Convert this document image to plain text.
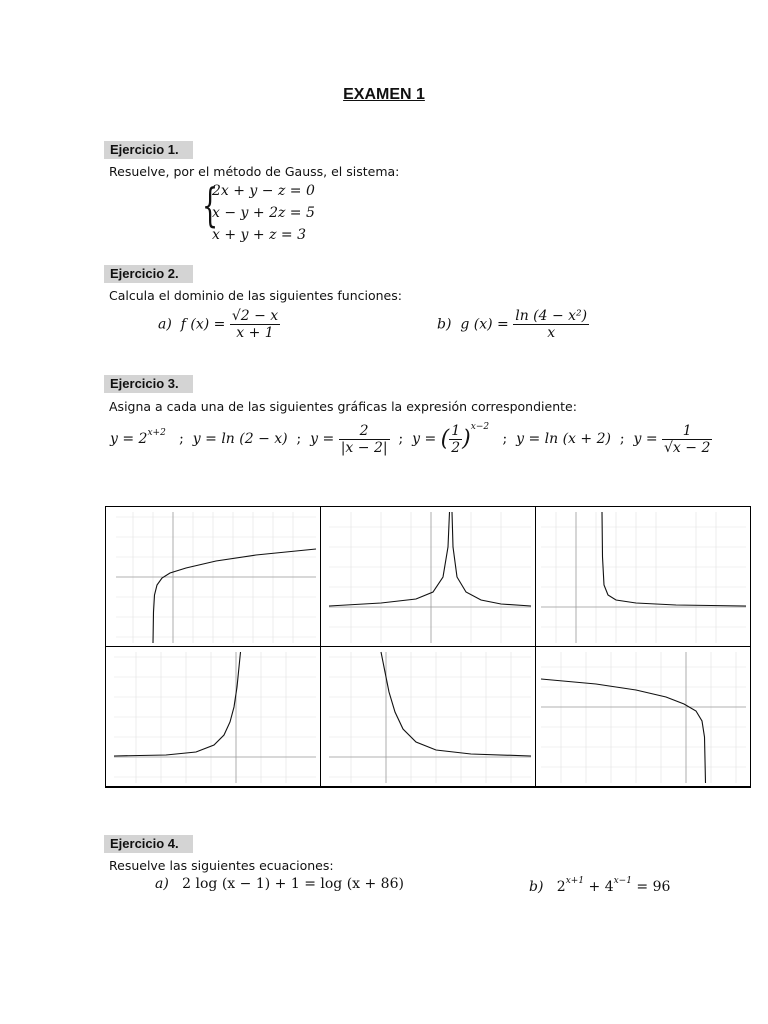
EXAMEN 1
Ejercicio 1.
Resuelve, por el método de Gauss, el sistema:
{
2x + y − z = 0
x − y + 2z = 5
x + y + z = 3
Ejercicio 2.
Calcula el dominio de las siguientes funciones:
a) f $(x) = \frac{√2 - x}{x + 1}$	b) g $(x) = \frac{\text{ln (4 − x²)}}{x}$
Ejercicio 3.
Asigna a cada una de las siguientes gráficas la expresión correspondiente:
$y = 2^{x+2}$ ; y = ln (2 − x) ; $y = \frac{2}{|x - 2|}$ ; y = ( $\frac{1}{2} )^{x-2}$   ; y = ln (x + 2) ; $y = \frac{1}{√x - 2}$
Ejercicio 4.
Resuelve las siguientes ecuaciones:
a) 2 log (x − 1) + 1 = log (x + 86)	b) $2^{x+1} + 4^{x-1} = 96$
